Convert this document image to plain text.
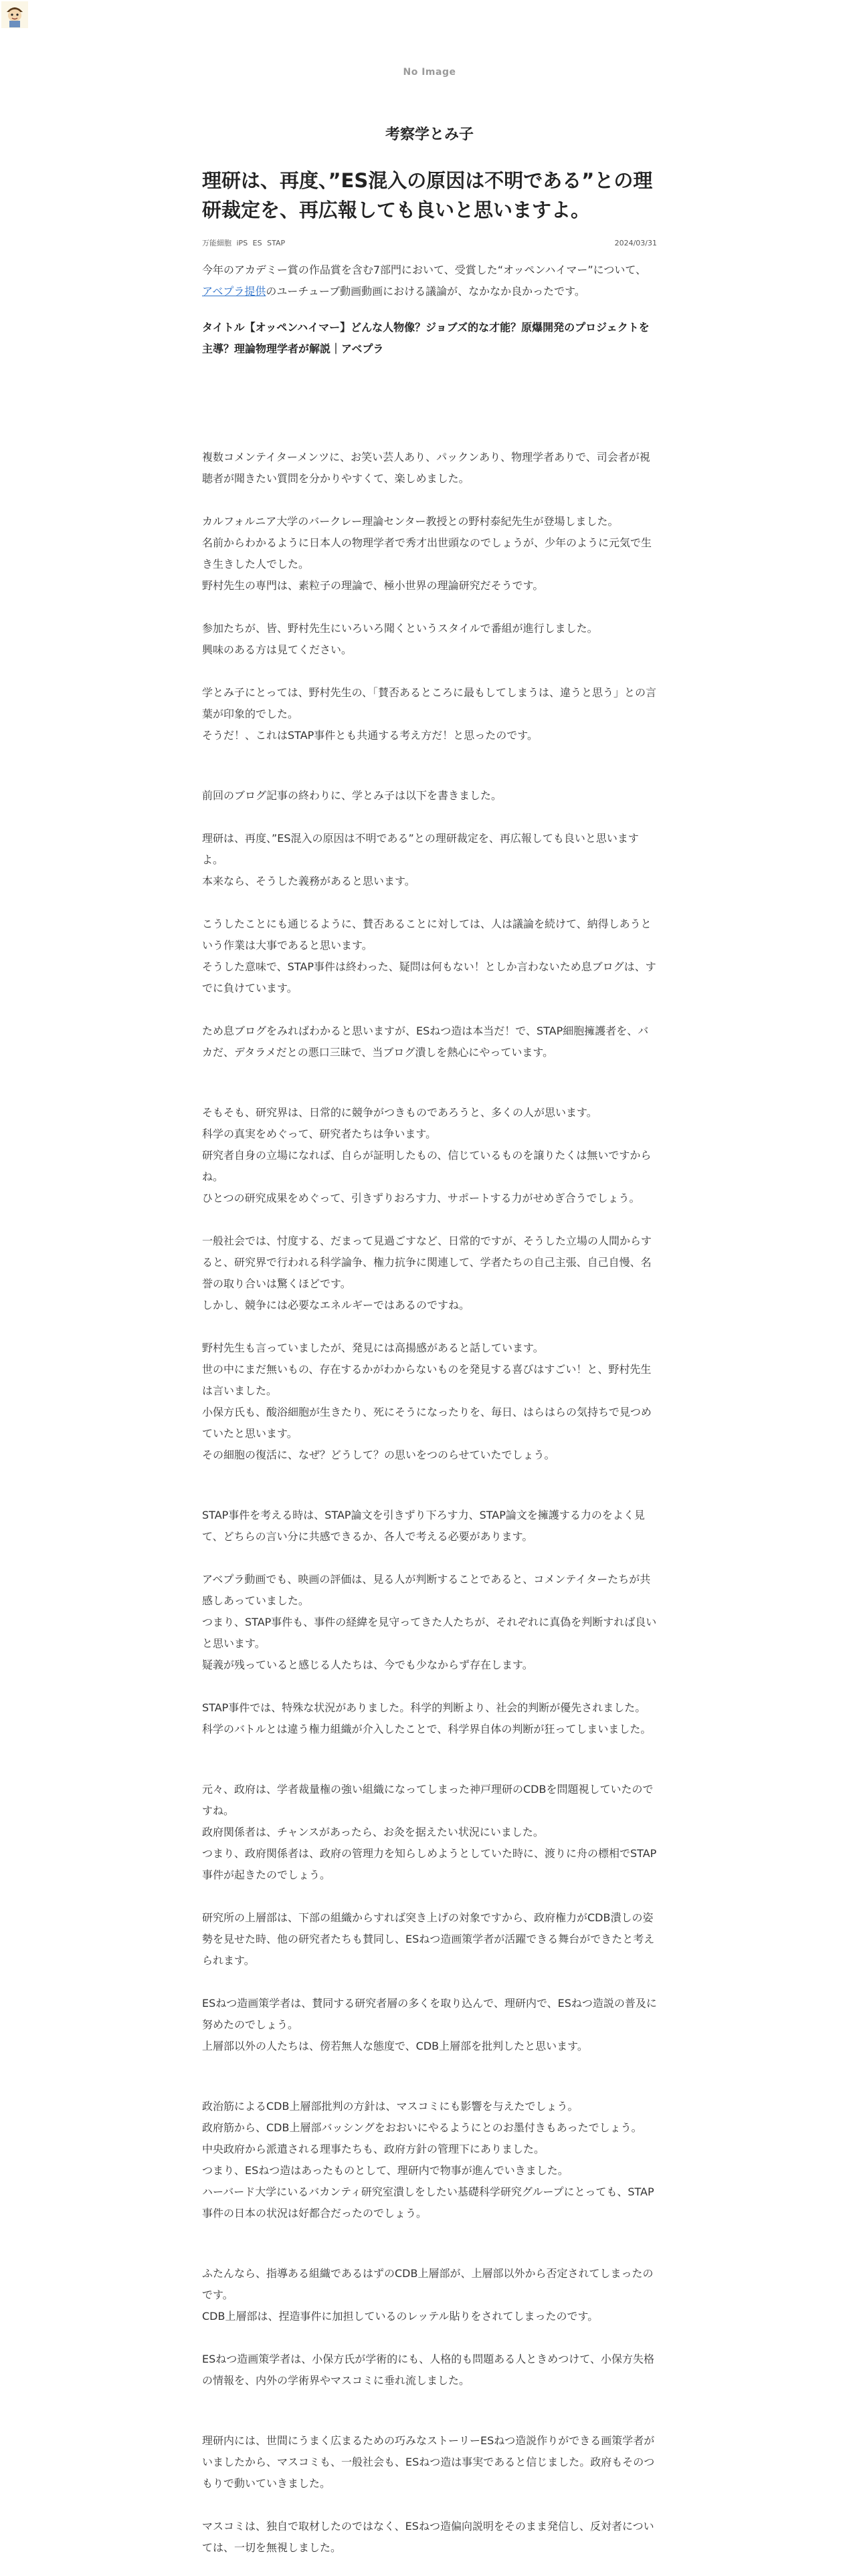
No Image
考察学とみ子
理研は、再度、”ES混入の原因は不明である”との理研裁定を、再広報しても良いと思いますよ。
万能細胞 iPS ES STAP	2024/03/31

今年のアカデミー賞の作品賞を含む7部門において、受賞した“オッペンハイマー”について、アベプラ提供のユーチューブ動画動画における議論が、なかなか良かったです。

タイトル【オッペンハイマー】どんな人物像？ジョブズ的な才能？原爆開発のプロジェクトを主導？理論物理学者が解説｜アベプラ

複数コメンテイターメンツに、お笑い芸人あり、パックンあり、物理学者ありで、司会者が視聴者が聞きたい質問を分かりやすくて、楽しめました。

カルフォルニア大学のバークレー理論センター教授との野村泰紀先生が登場しました。

名前からわかるように日本人の物理学者で秀才出世頭なのでしょうが、少年のように元気で生き生きした人でした。

野村先生の専門は、素粒子の理論で、極小世界の理論研究だそうです。

参加たちが、皆、野村先生にいろいろ聞くというスタイルで番組が進行しました。

興味のある方は見てください。

学とみ子にとっては、野村先生の、「賛否あるところに最もしてしまうは、違うと思う」との言葉が印象的でした。

そうだ！、これはSTAP事件とも共通する考え方だ！と思ったのです。

前回のブログ記事の終わりに、学とみ子は以下を書きました。

理研は、再度、”ES混入の原因は不明である”との理研裁定を、再広報しても良いと思いますよ。

本来なら、そうした義務があると思います。

こうしたことにも通じるように、賛否あることに対しては、人は議論を続けて、納得しあうという作業は大事であると思います。

そうした意味で、STAP事件は終わった、疑問は何もない！としか言わないため息ブログは、すでに負けています。

ため息ブログをみればわかると思いますが、ESねつ造は本当だ！で、STAP細胞擁護者を、バカだ、デタラメだとの悪口三昧で、当ブログ潰しを熱心にやっています。

そもそも、研究界は、日常的に競争がつきものであろうと、多くの人が思います。

科学の真実をめぐって、研究者たちは争います。

研究者自身の立場になれば、自らが証明したもの、信じているものを譲りたくは無いですからね。

ひとつの研究成果をめぐって、引きずりおろす力、サポートする力がせめぎ合うでしょう。

一般社会では、忖度する、だまって見過ごすなど、日常的ですが、そうした立場の人間からすると、研究界で行われる科学論争、権力抗争に関連して、学者たちの自己主張、自己自慢、名誉の取り合いは驚くほどです。

しかし、競争には必要なエネルギーではあるのですね。

野村先生も言っていましたが、発見には高揚感があると話しています。

世の中にまだ無いもの、存在するかがわからないものを発見する喜びはすごい！と、野村先生は言いました。

小保方氏も、酸浴細胞が生きたり、死にそうになったりを、毎日、はらはらの気持ちで見つめていたと思います。

その細胞の復活に、なぜ？どうして？の思いをつのらせていたでしょう。

STAP事件を考える時は、STAP論文を引きずり下ろす力、STAP論文を擁護する力のをよく見て、どちらの言い分に共感できるか、各人で考える必要があります。

アベプラ動画でも、映画の評価は、見る人が判断することであると、コメンテイターたちが共感しあっていました。

つまり、STAP事件も、事件の経緯を見守ってきた人たちが、それぞれに真偽を判断すれば良いと思います。

疑義が残っていると感じる人たちは、今でも少なからず存在します。

STAP事件では、特殊な状況がありました。科学的判断より、社会的判断が優先されました。

科学のバトルとは違う権力組織が介入したことで、科学界自体の判断が狂ってしまいました。

元々、政府は、学者裁量権の強い組織になってしまった神戸理研のCDBを問題視していたのですね。

政府関係者は、チャンスがあったら、お灸を据えたい状況にいました。

つまり、政府関係者は、政府の管理力を知らしめようとしていた時に、渡りに舟の標相でSTAP事件が起きたのでしょう。

研究所の上層部は、下部の組織からすれば突き上げの対象ですから、政府権力がCDB潰しの姿勢を見せた時、他の研究者たちも賛同し、ESねつ造画策学者が活躍できる舞台ができたと考えられます。

ESねつ造画策学者は、賛同する研究者層の多くを取り込んで、理研内で、ESねつ造説の普及に努めたのでしょう。

上層部以外の人たちは、傍若無人な態度で、CDB上層部を批判したと思います。

政治筋によるCDB上層部批判の方針は、マスコミにも影響を与えたでしょう。

政府筋から、CDB上層部バッシングをおおいにやるようにとのお墨付きもあったでしょう。

中央政府から派遣される理事たちも、政府方針の管理下にありました。

つまり、ESねつ造はあったものとして、理研内で物事が進んでいきました。

ハーバード大学にいるバカンティ研究室潰しをしたい基礎科学研究グループにとっても、STAP事件の日本の状況は好都合だったのでしょう。

ふたんなら、指導ある組織であるはずのCDB上層部が、上層部以外から否定されてしまったのです。

CDB上層部は、捏造事件に加担しているのレッテル貼りをされてしまったのです。

ESねつ造画策学者は、小保方氏が学術的にも、人格的も問題ある人ときめつけて、小保方失格の情報を、内外の学術界やマスコミに垂れ流しました。

理研内には、世間にうまく広まるための巧みなストーリーESねつ造説作りができる画策学者がいましたから、マスコミも、一般社会も、ESねつ造は事実であると信じました。政府もそのつもりで動いていきました。

マスコミは、独自で取材したのではなく、ESねつ造偏向説明をそのまま発信し、反対者については、一切を無視しました。
